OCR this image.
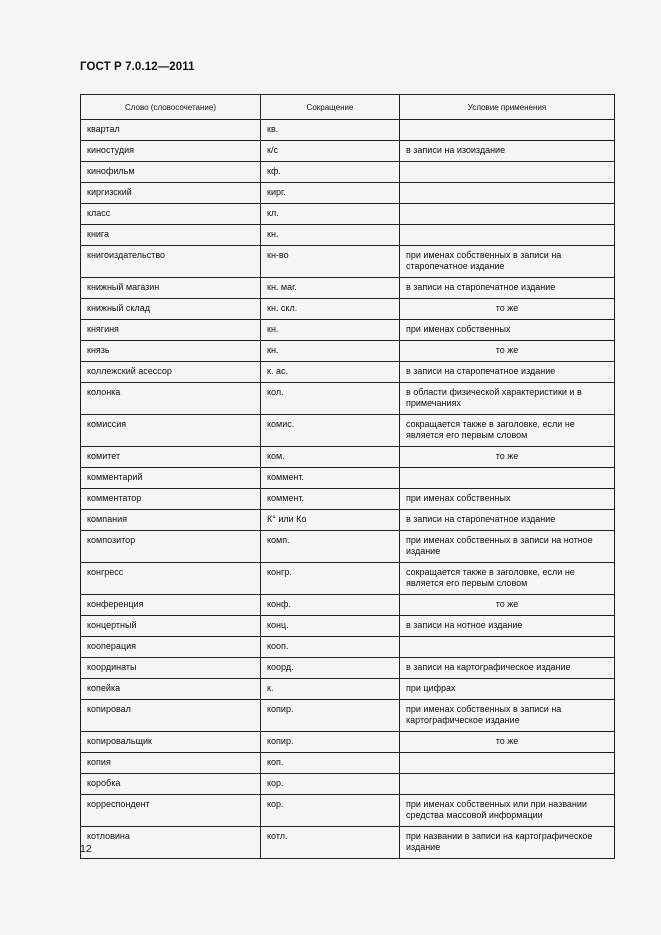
ГОСТ Р 7.0.12—2011
Слово (словосочетание)	Сокращение	Условие применения
квартал	кв.	
киностудия	к/с	в записи на изоиздание
кинофильм	кф.	
киргизский	кирг.	
класс	кл.	
книга	кн.	
книгоиздательство	кн-во	при именах собственных в записи на старопечатное издание
книжный магазин	кн. маг.	в записи на старопечатное издание
книжный склад	кн. скл.	то же
княгиня	кн.	при именах собственных
князь	кн.	то же
коллежский асессор	к. ас.	в записи на старопечатное издание
колонка	кол.	в области физической характеристики и в примечаниях
комиссия	комис.	сокращается также в заголовке, если не является его первым словом
комитет	ком.	то же
комментарий	коммент.	
комментатор	коммент.	при именах собственных
компания	К° или Ко	в записи на старопечатное издание
композитор	комп.	при именах собственных в записи на нотное издание
конгресс	конгр.	сокращается также в заголовке, если не является его первым словом
конференция	конф.	то же
концертный	конц.	в записи на нотное издание
кооперация	кооп.	
координаты	коорд.	в записи на картографическое издание
копейка	к.	при цифрах
копировал	копир.	при именах собственных в записи на картографическое издание
копировальщик	копир.	то же
копия	коп.	
коробка	кор.	
корреспондент	кор.	при именах собственных или при названии средства массовой информации
котловина	котл.	при названии в записи на картографическое издание
12
